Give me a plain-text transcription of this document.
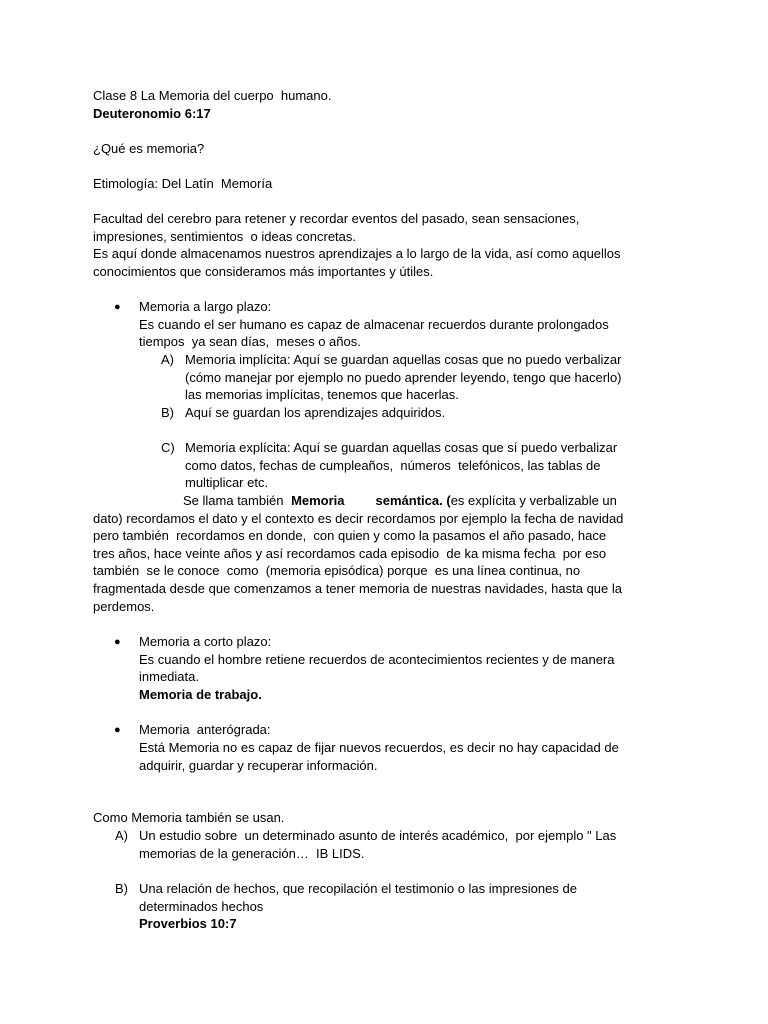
Clase 8 La Memoria del cuerpo  humano.
Deuteronomio 6:17
¿Qué es memoria?
Etimología: Del Latín  Memoría
Facultad del cerebro para retener y recordar eventos del pasado, sean sensaciones,
impresiones, sentimientos  o ideas concretas.
Es aquí donde almacenamos nuestros aprendizajes a lo largo de la vida, así como aquellos
conocimientos que consideramos más importantes y útiles.
● Memoria a largo plazo:
Es cuando el ser humano es capaz de almacenar recuerdos durante prolongados
tiempos  ya sean días,  meses o años.
A) Memoria implícita: Aquí se guardan aquellas cosas que no puedo verbalizar
(cómo manejar por ejemplo no puedo aprender leyendo, tengo que hacerlo)
las memorias implícitas, tenemos que hacerlas.
B) Aquí se guardan los aprendizajes adquiridos.
C) Memoria explícita: Aquí se guardan aquellas cosas que sí puedo verbalizar
como datos, fechas de cumpleaños,  números  telefónicos, las tablas de
multiplicar etc.
Se llama también Memoria semántica. (es explícita y verbalizable un
dato) recordamos el dato y el contexto es decir recordamos por ejemplo la fecha de navidad
pero también  recordamos en donde,  con quien y como la pasamos el año pasado, hace
tres años, hace veinte años y así recordamos cada episodio  de ka misma fecha  por eso
también  se le conoce  como  (memoria episódica) porque  es una línea continua, no
fragmentada desde que comenzamos a tener memoria de nuestras navidades, hasta que la
perdemos.
● Memoria a corto plazo:
Es cuando el hombre retiene recuerdos de acontecimientos recientes y de manera
inmediata.
Memoria de trabajo.
● Memoria  anterógrada:
Está Memoria no es capaz de fijar nuevos recuerdos, es decir no hay capacidad de
adquirir, guardar y recuperar información.
Como Memoria también se usan.
A) Un estudio sobre  un determinado asunto de interés académico,  por ejemplo " Las
memorias de la generación…  IB LIDS.
B) Una relación de hechos, que recopilación el testimonio o las impresiones de
determinados hechos
Proverbios 10:7
